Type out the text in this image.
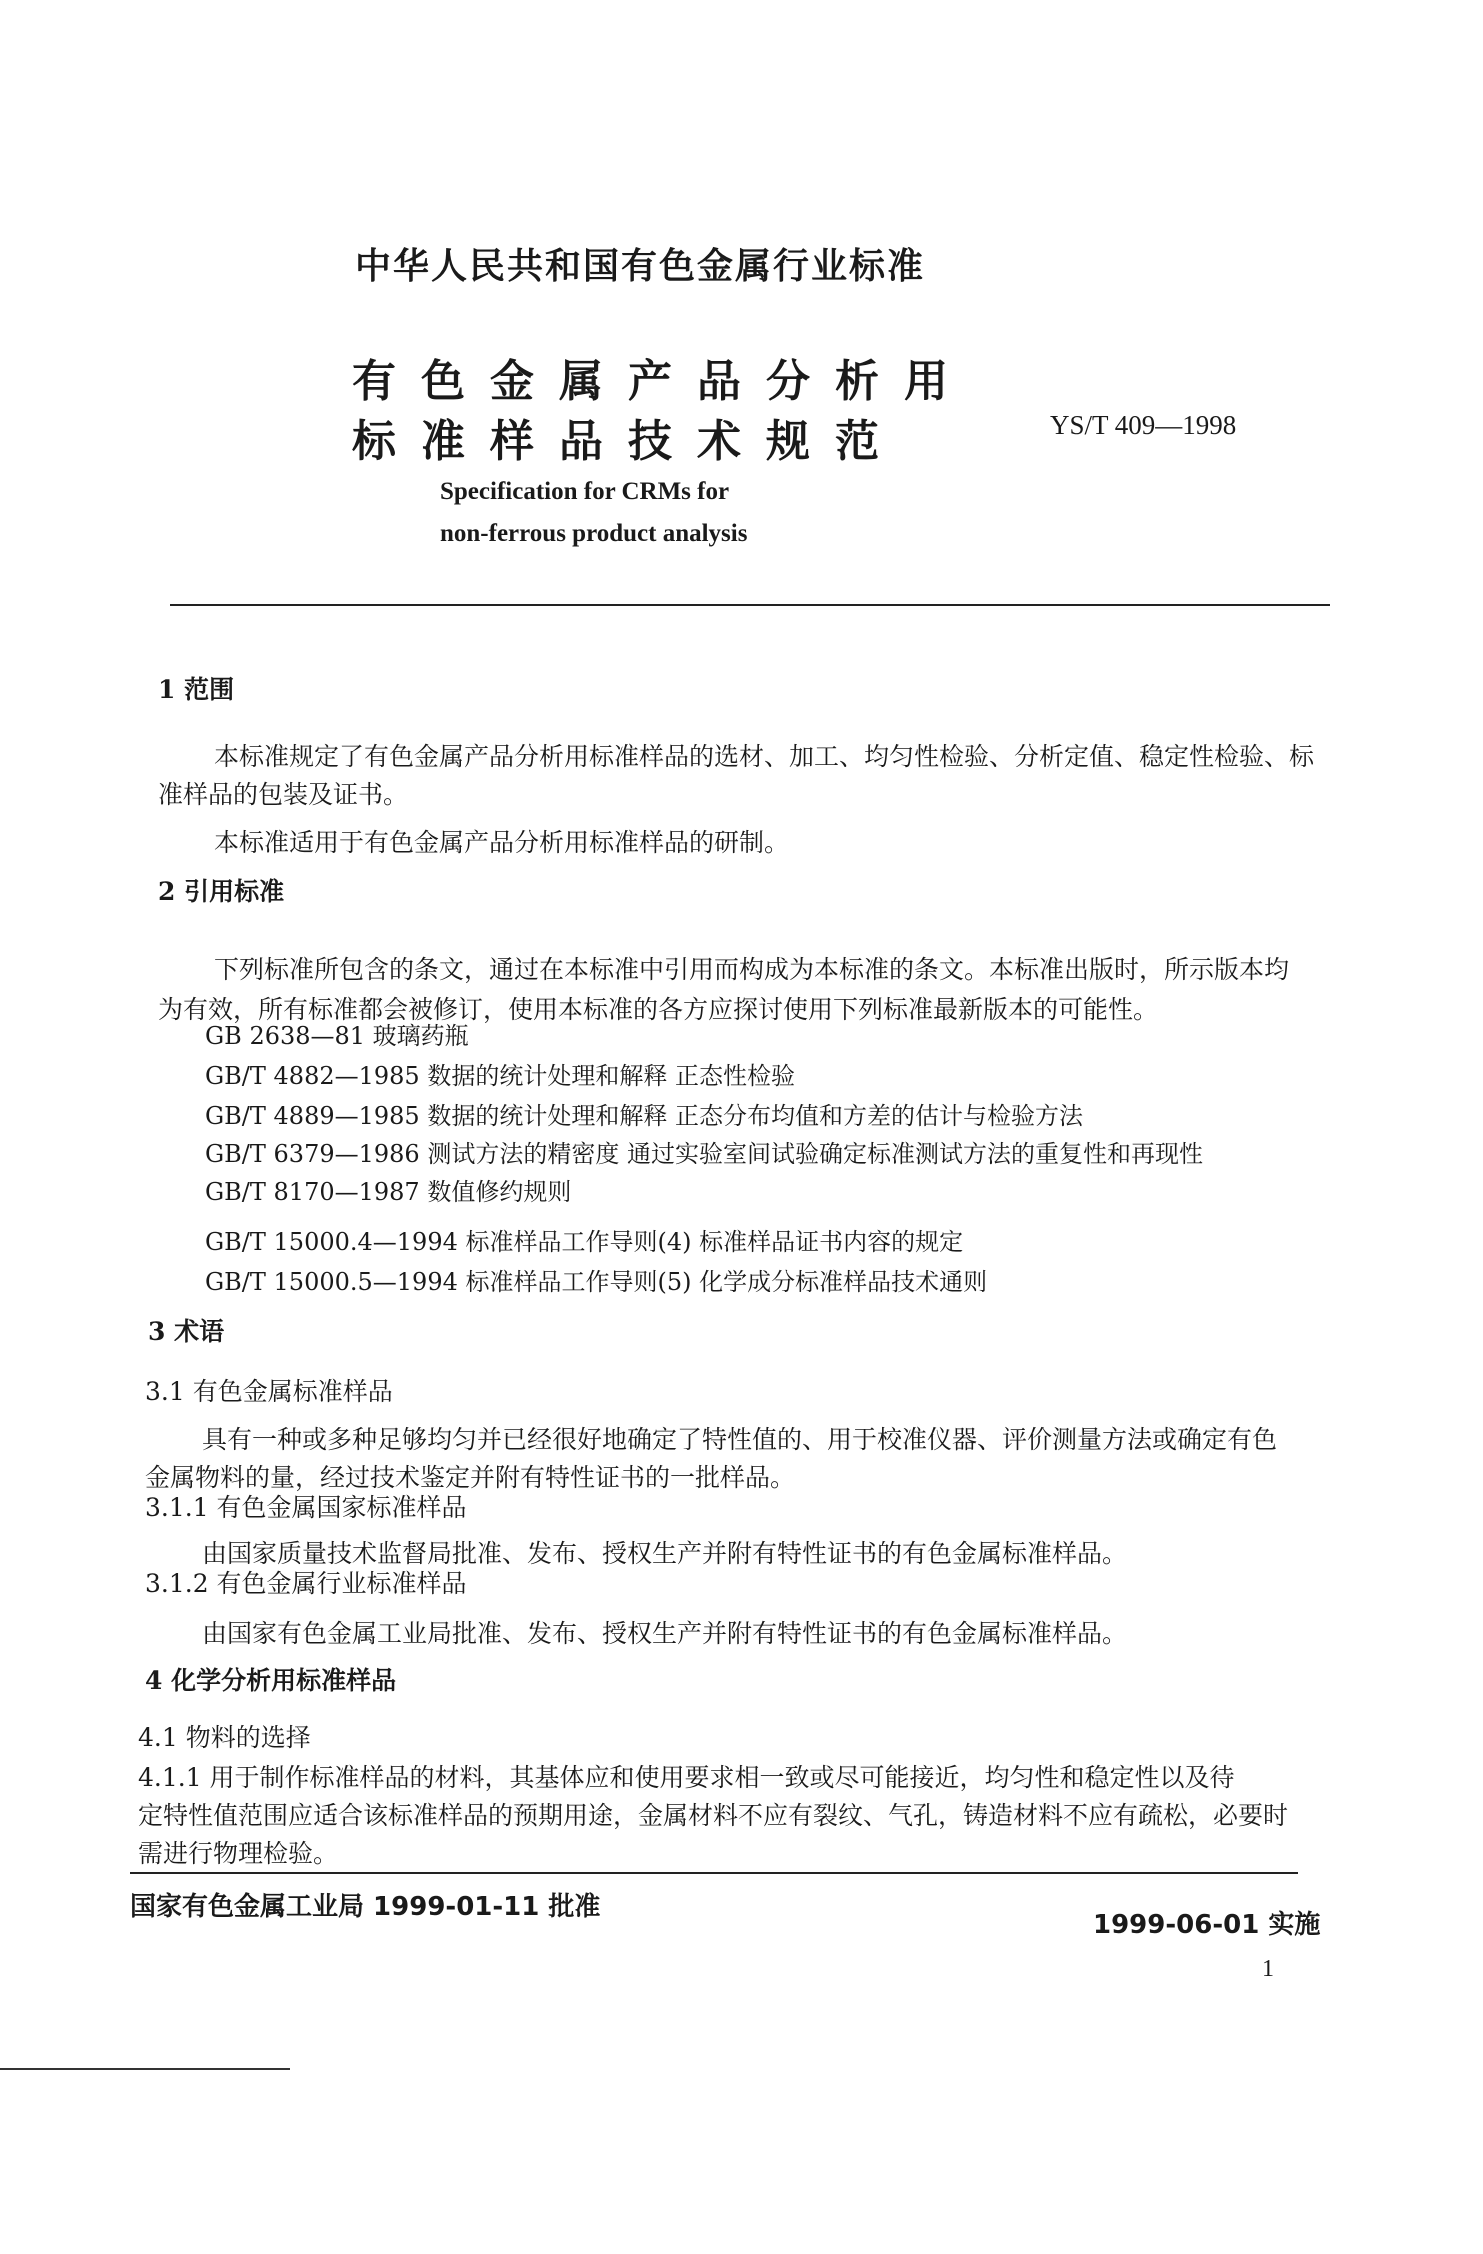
中华人民共和国有色金属行业标准
有色金属产品分析用
标准样品技术规范	YS/T 409—1998
Specification for CRMs for
non-ferrous product analysis
1 范围
本标准规定了有色金属产品分析用标准样品的选材、加工、均匀性检验、分析定值、稳定性检验、标
准样品的包装及证书。
本标准适用于有色金属产品分析用标准样品的研制。
2 引用标准
下列标准所包含的条文，通过在本标准中引用而构成为本标准的条文。本标准出版时，所示版本均
为有效，所有标准都会被修订，使用本标准的各方应探讨使用下列标准最新版本的可能性。
GB 2638—81 玻璃药瓶
GB/T 4882—1985 数据的统计处理和解释 正态性检验
GB/T 4889—1985 数据的统计处理和解释 正态分布均值和方差的估计与检验方法
GB/T 6379—1986 测试方法的精密度 通过实验室间试验确定标准测试方法的重复性和再现性
GB/T 8170—1987 数值修约规则
GB/T 15000.4—1994 标准样品工作导则(4) 标准样品证书内容的规定
GB/T 15000.5—1994 标准样品工作导则(5) 化学成分标准样品技术通则
3 术语
3.1 有色金属标准样品
具有一种或多种足够均匀并已经很好地确定了特性值的、用于校准仪器、评价测量方法或确定有色
金属物料的量，经过技术鉴定并附有特性证书的一批样品。
3.1.1 有色金属国家标准样品
由国家质量技术监督局批准、发布、授权生产并附有特性证书的有色金属标准样品。
3.1.2 有色金属行业标准样品
由国家有色金属工业局批准、发布、授权生产并附有特性证书的有色金属标准样品。
4 化学分析用标准样品
4.1 物料的选择
4.1.1 用于制作标准样品的材料，其基体应和使用要求相一致或尽可能接近，均匀性和稳定性以及待
定特性值范围应适合该标准样品的预期用途，金属材料不应有裂纹、气孔，铸造材料不应有疏松，必要时
需进行物理检验。
国家有色金属工业局 1999-01-11 批准
1999-06-01 实施
1
